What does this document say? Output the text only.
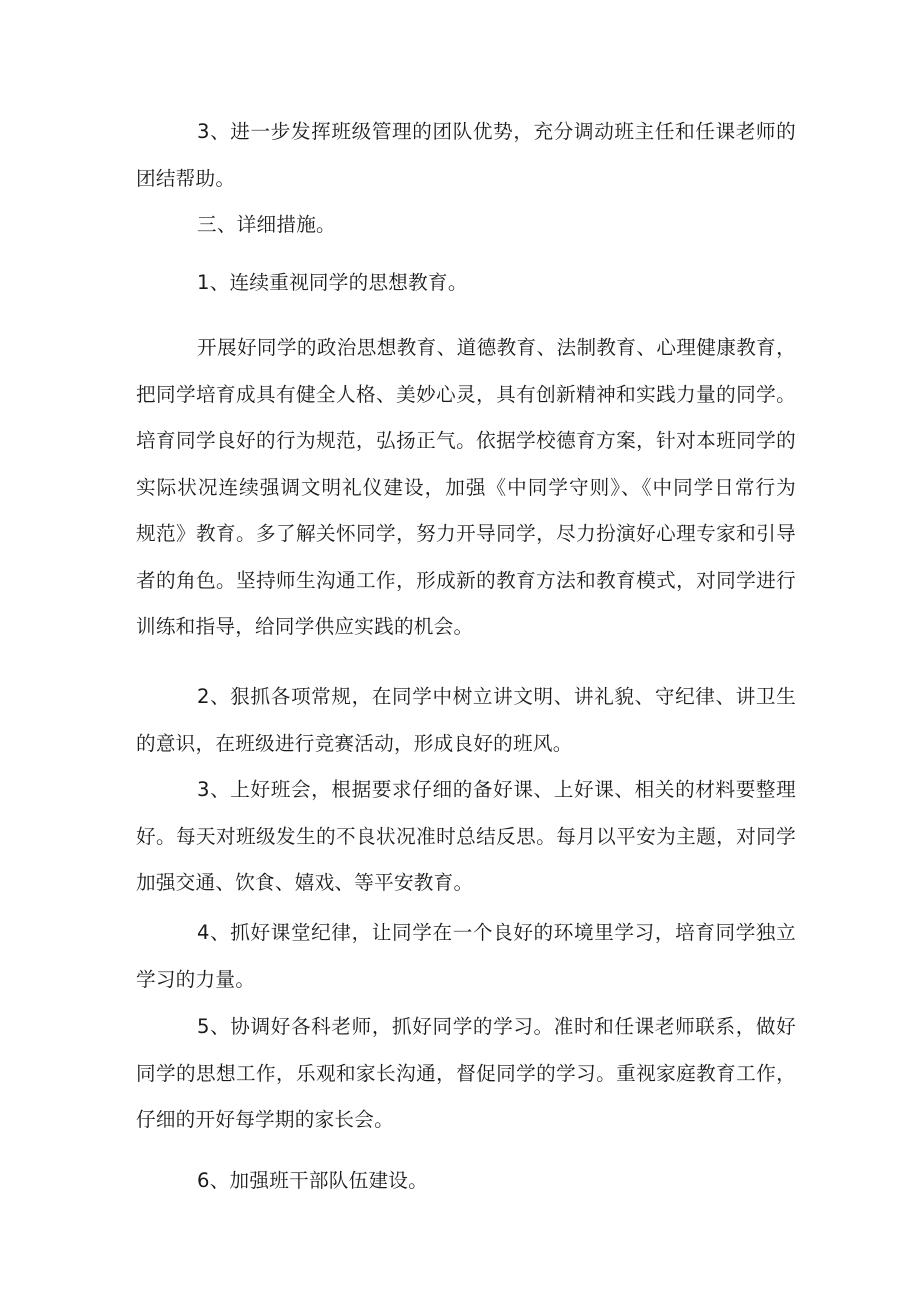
3、进一步发挥班级管理的团队优势，充分调动班主任和任课老师的
团结帮助。
三、详细措施。
1、连续重视同学的思想教育。
开展好同学的政治思想教育、道德教育、法制教育、心理健康教育，
把同学培育成具有健全人格、美妙心灵，具有创新精神和实践力量的同学。
培育同学良好的行为规范，弘扬正气。依据学校德育方案，针对本班同学的
实际状况连续强调文明礼仪建设，加强《中同学守则》、《中同学日常行为
规范》教育。多了解关怀同学，努力开导同学，尽力扮演好心理专家和引导
者的角色。坚持师生沟通工作，形成新的教育方法和教育模式，对同学进行
训练和指导，给同学供应实践的机会。
2、狠抓各项常规，在同学中树立讲文明、讲礼貌、守纪律、讲卫生
的意识，在班级进行竞赛活动，形成良好的班风。
3、上好班会，根据要求仔细的备好课、上好课、相关的材料要整理
好。每天对班级发生的不良状况准时总结反思。每月以平安为主题，对同学
加强交通、饮食、嬉戏、等平安教育。
4、抓好课堂纪律，让同学在一个良好的环境里学习，培育同学独立
学习的力量。
5、协调好各科老师，抓好同学的学习。准时和任课老师联系，做好
同学的思想工作，乐观和家长沟通，督促同学的学习。重视家庭教育工作，
仔细的开好每学期的家长会。
6、加强班干部队伍建设。
